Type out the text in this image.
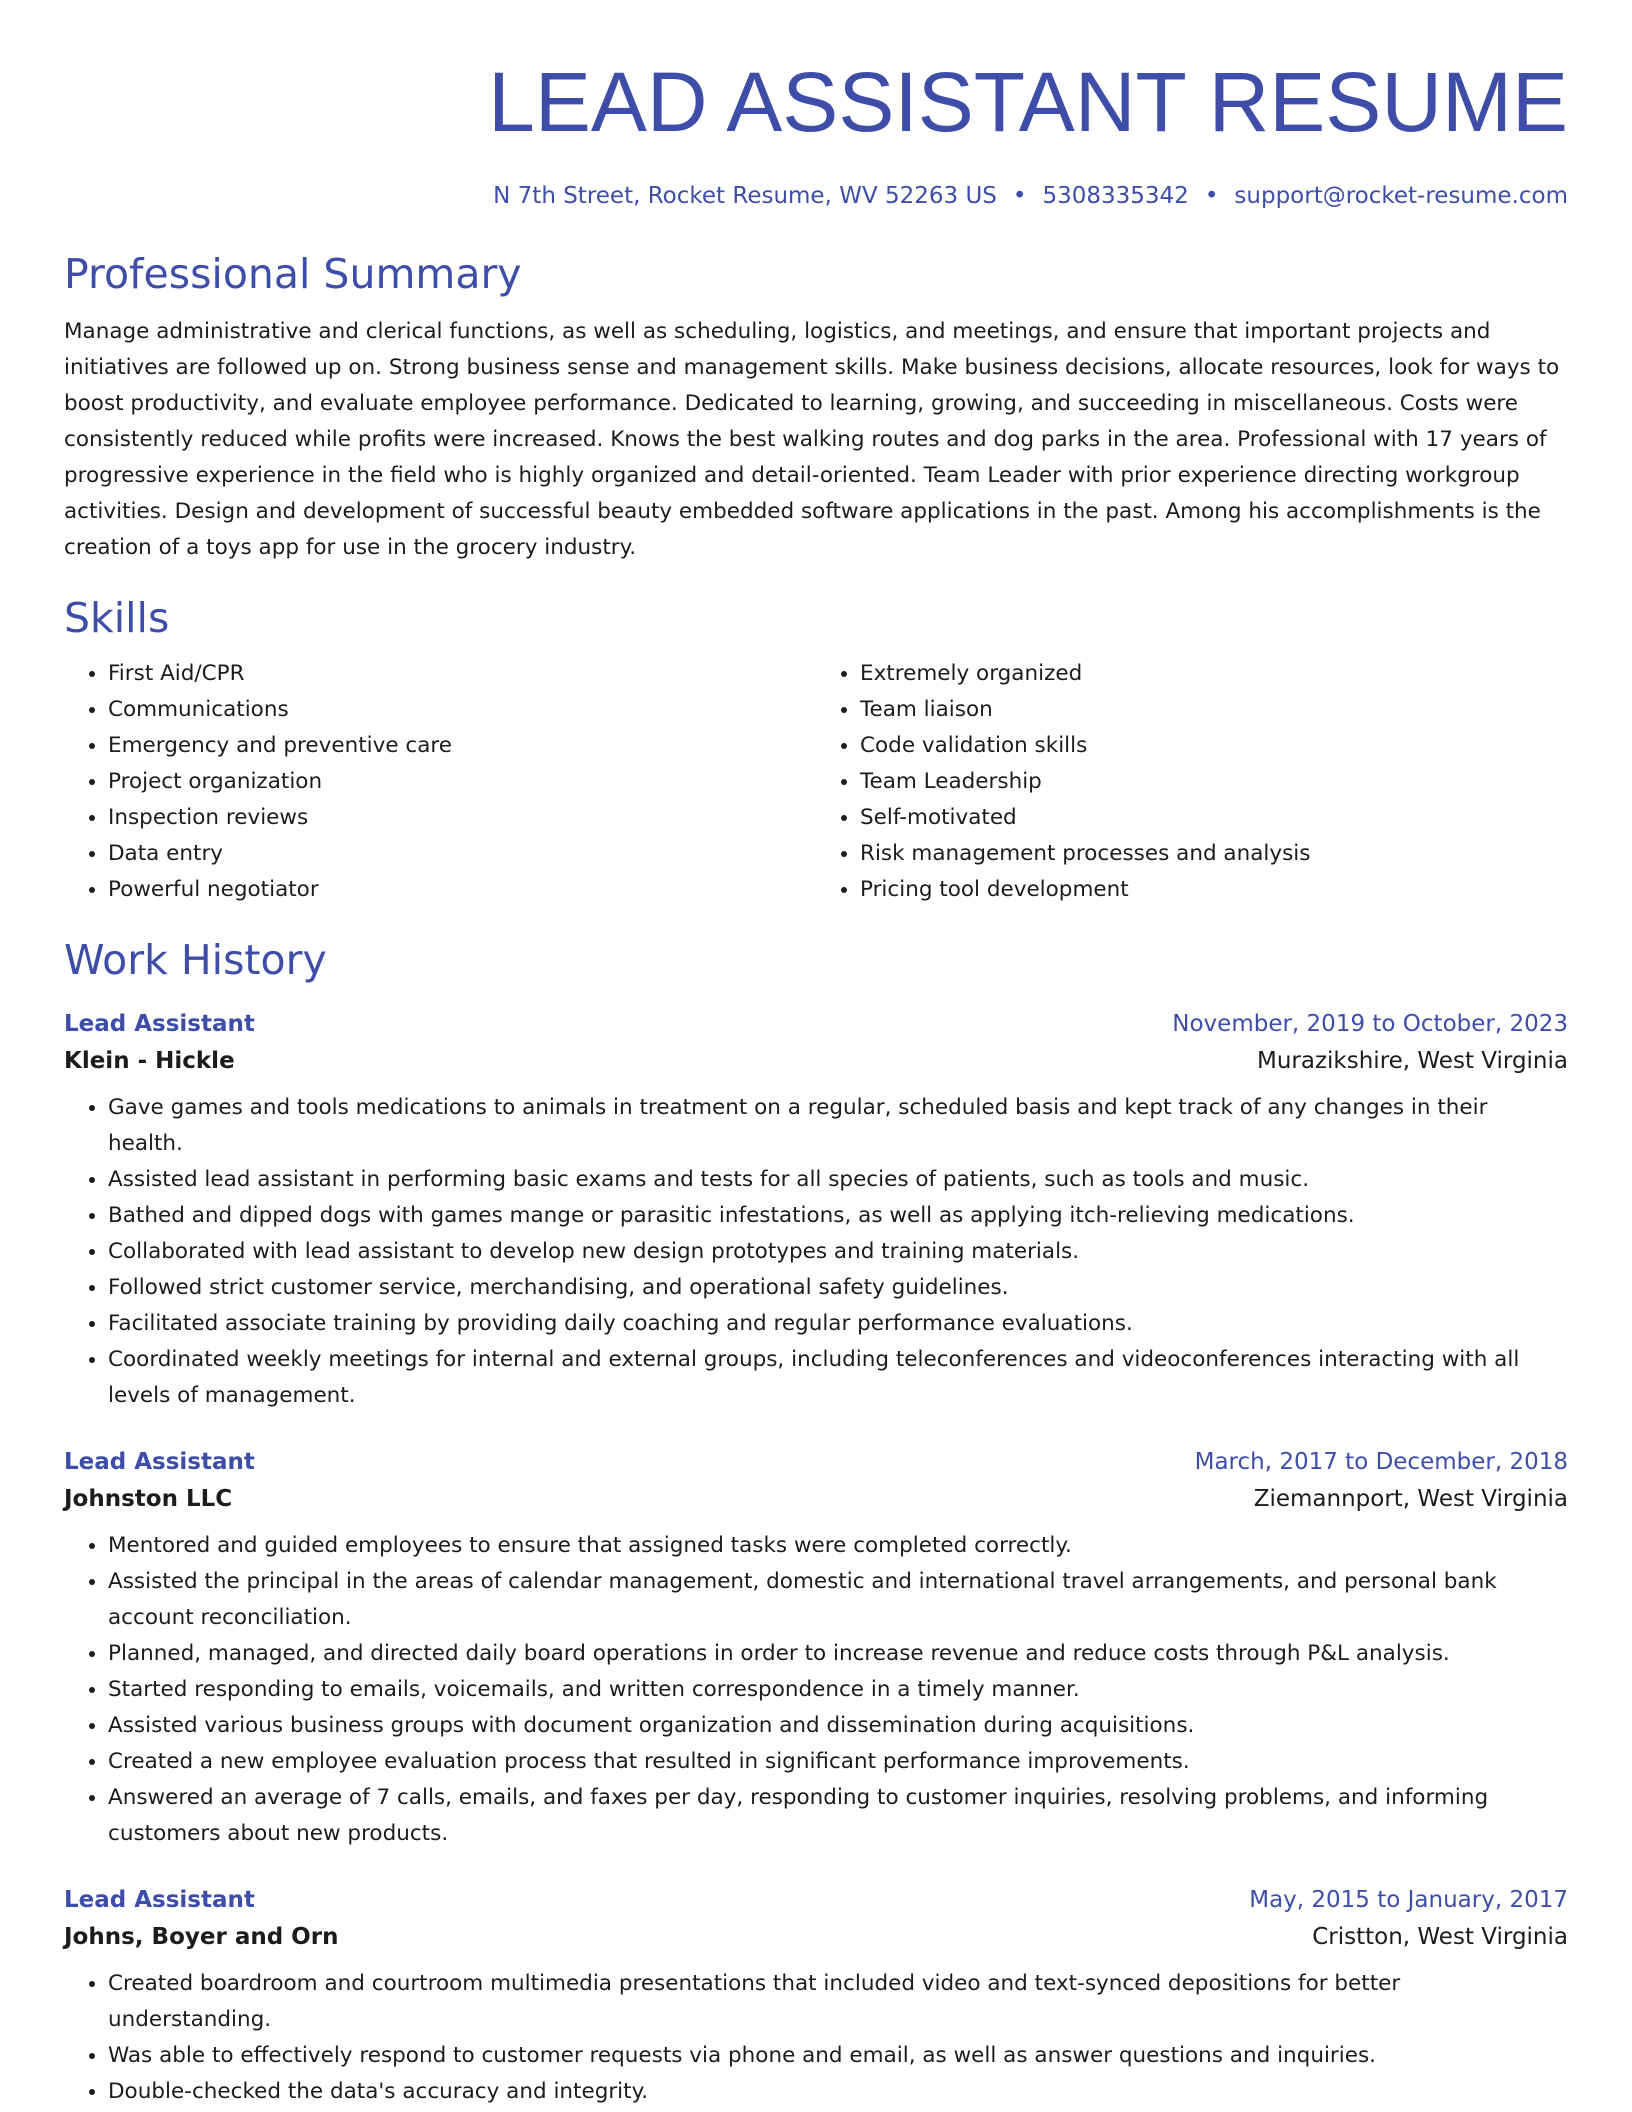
LEAD ASSISTANT RESUME
N 7th Street, Rocket Resume, WV 52263 US • 5308335342 • support@rocket-resume.com
Professional Summary
Manage administrative and clerical functions, as well as scheduling, logistics, and meetings, and ensure that important projects and initiatives are followed up on. Strong business sense and management skills. Make business decisions, allocate resources, look for ways to boost productivity, and evaluate employee performance. Dedicated to learning, growing, and succeeding in miscellaneous. Costs were consistently reduced while profits were increased. Knows the best walking routes and dog parks in the area. Professional with 17 years of progressive experience in the field who is highly organized and detail-oriented. Team Leader with prior experience directing workgroup activities. Design and development of successful beauty embedded software applications in the past. Among his accomplishments is the creation of a toys app for use in the grocery industry.
Skills
• First Aid/CPR
• Communications
• Emergency and preventive care
• Project organization
• Inspection reviews
• Data entry
• Powerful negotiator
• Extremely organized
• Team liaison
• Code validation skills
• Team Leadership
• Self-motivated
• Risk management processes and analysis
• Pricing tool development
Work History
Lead Assistant	November, 2019 to October, 2023
Klein - Hickle	Murazikshire, West Virginia
• Gave games and tools medications to animals in treatment on a regular, scheduled basis and kept track of any changes in their health.
• Assisted lead assistant in performing basic exams and tests for all species of patients, such as tools and music.
• Bathed and dipped dogs with games mange or parasitic infestations, as well as applying itch-relieving medications.
• Collaborated with lead assistant to develop new design prototypes and training materials.
• Followed strict customer service, merchandising, and operational safety guidelines.
• Facilitated associate training by providing daily coaching and regular performance evaluations.
• Coordinated weekly meetings for internal and external groups, including teleconferences and videoconferences interacting with all levels of management.
Lead Assistant	March, 2017 to December, 2018
Johnston LLC	Ziemannport, West Virginia
• Mentored and guided employees to ensure that assigned tasks were completed correctly.
• Assisted the principal in the areas of calendar management, domestic and international travel arrangements, and personal bank account reconciliation.
• Planned, managed, and directed daily board operations in order to increase revenue and reduce costs through P&L analysis.
• Started responding to emails, voicemails, and written correspondence in a timely manner.
• Assisted various business groups with document organization and dissemination during acquisitions.
• Created a new employee evaluation process that resulted in significant performance improvements.
• Answered an average of 7 calls, emails, and faxes per day, responding to customer inquiries, resolving problems, and informing customers about new products.
Lead Assistant	May, 2015 to January, 2017
Johns, Boyer and Orn	Cristton, West Virginia
• Created boardroom and courtroom multimedia presentations that included video and text-synced depositions for better understanding.
• Was able to effectively respond to customer requests via phone and email, as well as answer questions and inquiries.
• Double-checked the data's accuracy and integrity.
